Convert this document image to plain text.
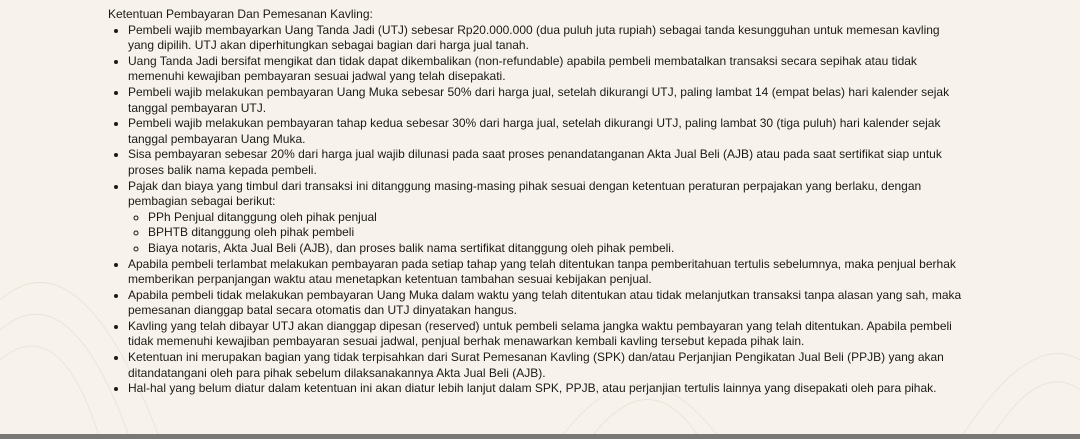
Ketentuan Pembayaran Dan Pemesanan Kavling:
• Pembeli wajib membayarkan Uang Tanda Jadi (UTJ) sebesar Rp20.000.000 (dua puluh juta rupiah) sebagai tanda kesungguhan untuk memesan kavling yang dipilih. UTJ akan diperhitungkan sebagai bagian dari harga jual tanah.
• Uang Tanda Jadi bersifat mengikat dan tidak dapat dikembalikan (non-refundable) apabila pembeli membatalkan transaksi secara sepihak atau tidak memenuhi kewajiban pembayaran sesuai jadwal yang telah disepakati.
• Pembeli wajib melakukan pembayaran Uang Muka sebesar 50% dari harga jual, setelah dikurangi UTJ, paling lambat 14 (empat belas) hari kalender sejak tanggal pembayaran UTJ.
• Pembeli wajib melakukan pembayaran tahap kedua sebesar 30% dari harga jual, setelah dikurangi UTJ, paling lambat 30 (tiga puluh) hari kalender sejak tanggal pembayaran Uang Muka.
• Sisa pembayaran sebesar 20% dari harga jual wajib dilunasi pada saat proses penandatanganan Akta Jual Beli (AJB) atau pada saat sertifikat siap untuk proses balik nama kepada pembeli.
• Pajak dan biaya yang timbul dari transaksi ini ditanggung masing-masing pihak sesuai dengan ketentuan peraturan perpajakan yang berlaku, dengan pembagian sebagai berikut:
◦ PPh Penjual ditanggung oleh pihak penjual
◦ BPHTB ditanggung oleh pihak pembeli
◦ Biaya notaris, Akta Jual Beli (AJB), dan proses balik nama sertifikat ditanggung oleh pihak pembeli.
• Apabila pembeli terlambat melakukan pembayaran pada setiap tahap yang telah ditentukan tanpa pemberitahuan tertulis sebelumnya, maka penjual berhak memberikan perpanjangan waktu atau menetapkan ketentuan tambahan sesuai kebijakan penjual.
• Apabila pembeli tidak melakukan pembayaran Uang Muka dalam waktu yang telah ditentukan atau tidak melanjutkan transaksi tanpa alasan yang sah, maka pemesanan dianggap batal secara otomatis dan UTJ dinyatakan hangus.
• Kavling yang telah dibayar UTJ akan dianggap dipesan (reserved) untuk pembeli selama jangka waktu pembayaran yang telah ditentukan. Apabila pembeli tidak memenuhi kewajiban pembayaran sesuai jadwal, penjual berhak menawarkan kembali kavling tersebut kepada pihak lain.
• Ketentuan ini merupakan bagian yang tidak terpisahkan dari Surat Pemesanan Kavling (SPK) dan/atau Perjanjian Pengikatan Jual Beli (PPJB) yang akan ditandatangani oleh para pihak sebelum dilaksanakannya Akta Jual Beli (AJB).
• Hal-hal yang belum diatur dalam ketentuan ini akan diatur lebih lanjut dalam SPK, PPJB, atau perjanjian tertulis lainnya yang disepakati oleh para pihak.
